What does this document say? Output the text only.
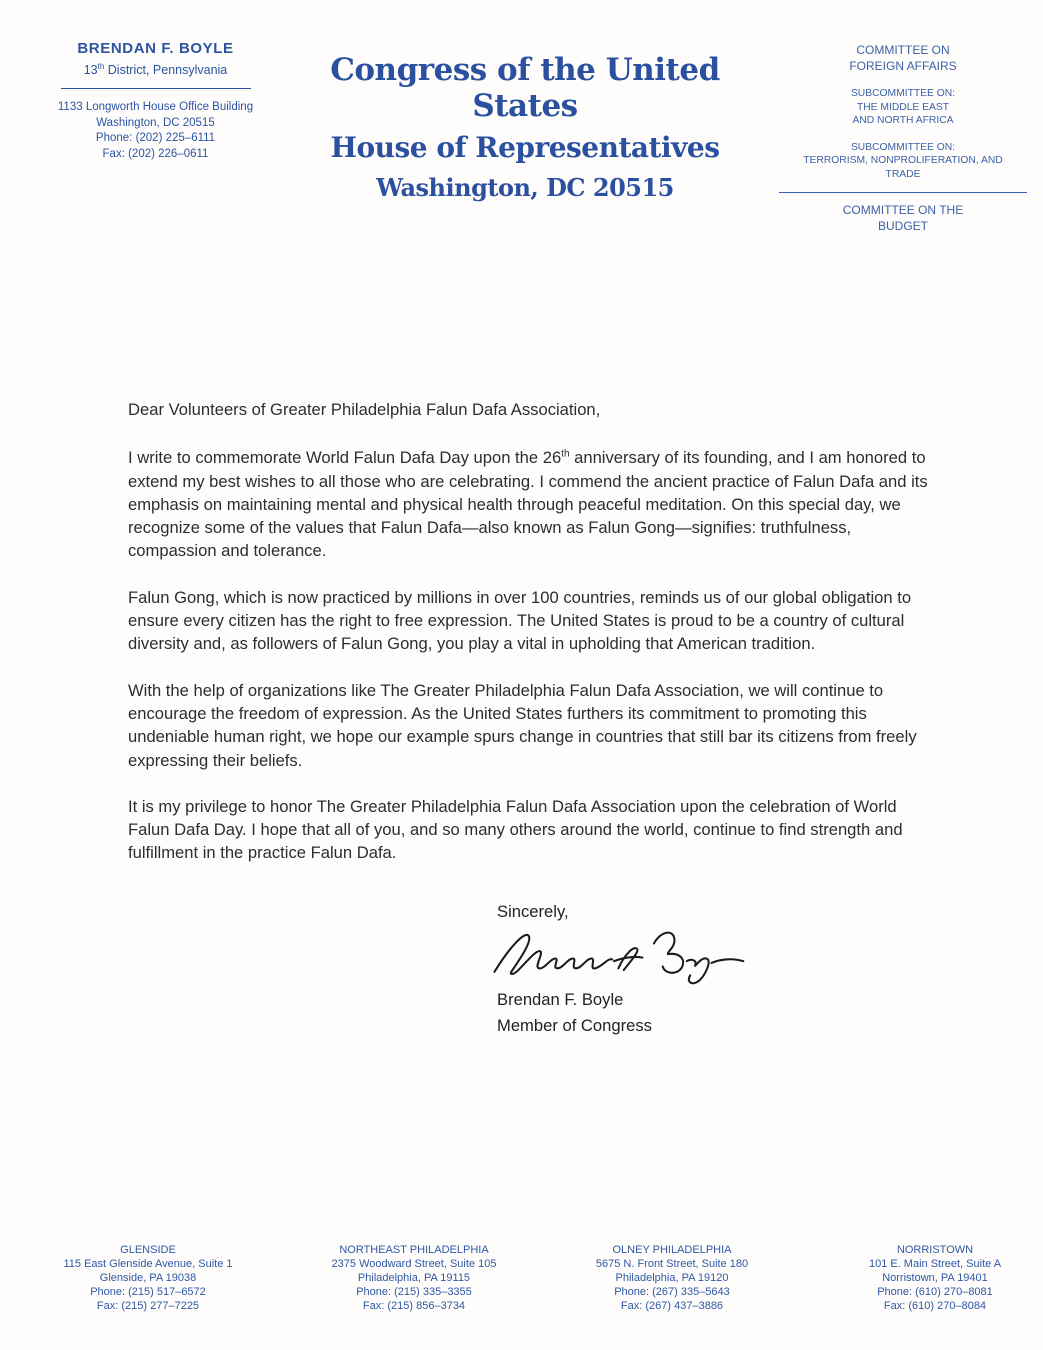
BRENDAN F. BOYLE
13th District, Pennsylvania
1133 Longworth House Office Building
Washington, DC 20515
Phone: (202) 225–6111
Fax: (202) 226–0611
Congress of the United States
House of Representatives
Washington, DC 20515
COMMITTEE ON
FOREIGN AFFAIRS
SUBCOMMITTEE ON:
THE MIDDLE EAST
AND NORTH AFRICA
SUBCOMMITTEE ON:
TERRORISM, NONPROLIFERATION, AND
TRADE
COMMITTEE ON THE
BUDGET

Dear Volunteers of Greater Philadelphia Falun Dafa Association,

I write to commemorate World Falun Dafa Day upon the 26th anniversary of its founding, and I am honored to extend my best wishes to all those who are celebrating. I commend the ancient practice of Falun Dafa and its emphasis on maintaining mental and physical health through peaceful meditation. On this special day, we recognize some of the values that Falun Dafa—also known as Falun Gong—signifies: truthfulness, compassion and tolerance.

Falun Gong, which is now practiced by millions in over 100 countries, reminds us of our global obligation to ensure every citizen has the right to free expression. The United States is proud to be a country of cultural diversity and, as followers of Falun Gong, you play a vital in upholding that American tradition.

With the help of organizations like The Greater Philadelphia Falun Dafa Association, we will continue to encourage the freedom of expression. As the United States furthers its commitment to promoting this undeniable human right, we hope our example spurs change in countries that still bar its citizens from freely expressing their beliefs.

It is my privilege to honor The Greater Philadelphia Falun Dafa Association upon the celebration of World Falun Dafa Day. I hope that all of you, and so many others around the world, continue to find strength and fulfillment in the practice Falun Dafa.

Sincerely,
Brendan F. Boyle
Member of Congress
GLENSIDE
115 East Glenside Avenue, Suite 1
Glenside, PA 19038
Phone: (215) 517–6572
Fax: (215) 277–7225
NORTHEAST PHILADELPHIA
2375 Woodward Street, Suite 105
Philadelphia, PA 19115
Phone: (215) 335–3355
Fax: (215) 856–3734
OLNEY PHILADELPHIA
5675 N. Front Street, Suite 180
Philadelphia, PA 19120
Phone: (267) 335–5643
Fax: (267) 437–3886
NORRISTOWN
101 E. Main Street, Suite A
Norristown, PA 19401
Phone: (610) 270–8081
Fax: (610) 270–8084
